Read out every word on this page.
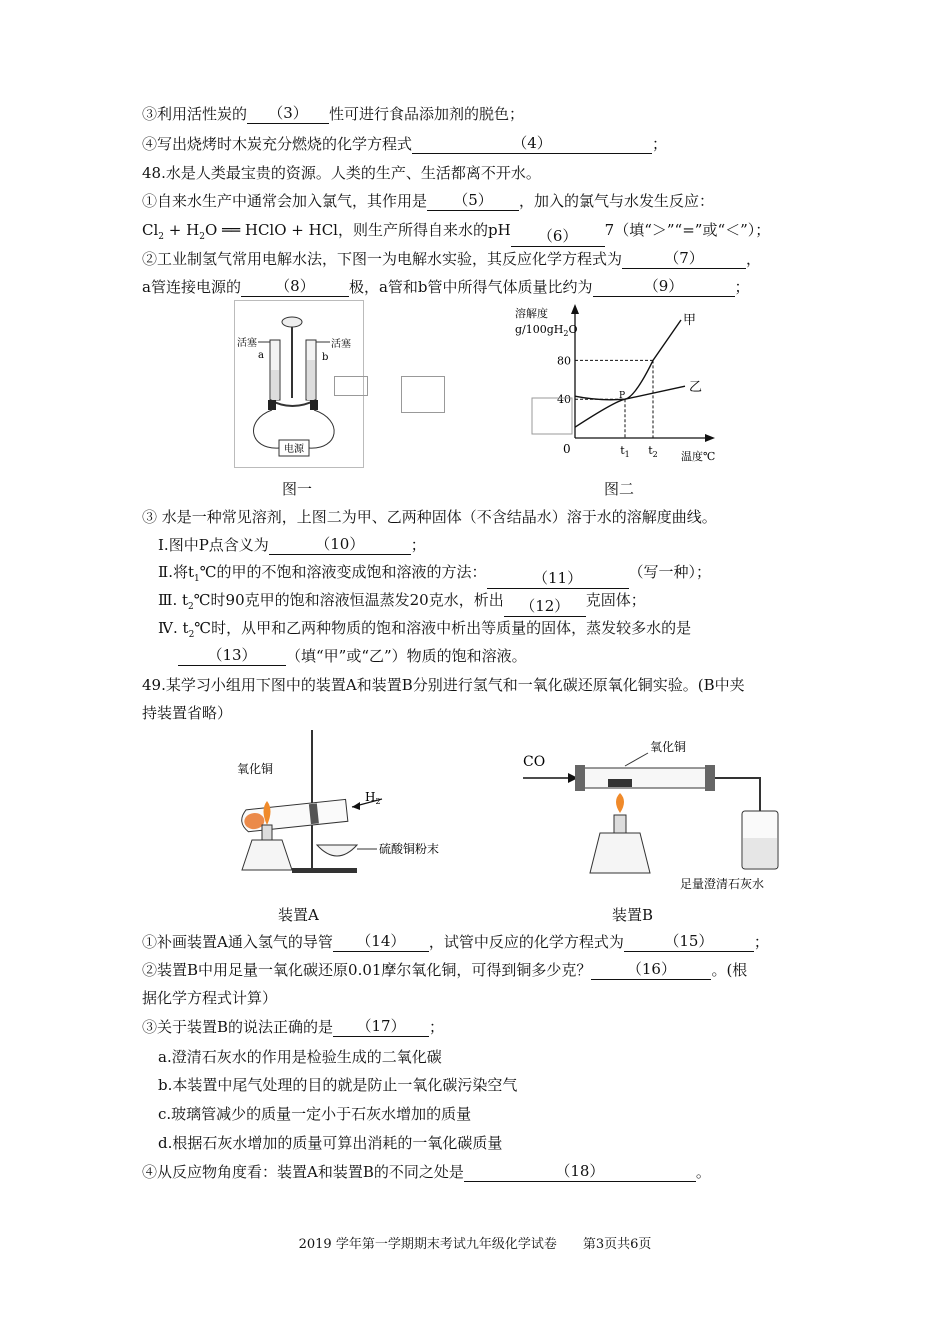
③利用活性炭的 （3） 性可进行食品添加剂的脱色；
④写出烧烤时木炭充分燃烧的化学方程式	（4）	；
48.水是人类最宝贵的资源。人类的生产、生活都离不开水。
①自来水生产中通常会加入氯气，其作用是 （5） ，加入的氯气与水发生反应：
$Cl_2 + H_2O$ ══ HClO + HCl，则生产所得自来水的pH （6） 7（填“＞”“=”或“＜”）；
②工业制氢气常用电解水法，下图一为电解水实验，其反应化学方程式为	（7）	，
a管连接电源的 （8） 极，a管和b管中所得气体质量比约为	（9）	；
电源
活塞	活塞
a	b
溶解度
$g/100gH_2O$
0
40
80
$t_1$ $t_2$ 温度℃
甲
乙
P
图一	图二
③ 水是一种常见溶剂，上图二为甲、乙两种固体（不含结晶水）溶于水的溶解度曲线。
Ⅰ.图中P点含义为	（10）	；
Ⅱ.将$t_1℃$的甲的不饱和溶液变成饱和溶液的方法：	（11）	（写一种）；
Ⅲ. $t_2℃$时90克甲的饱和溶液恒温蒸发20克水，析出 （12） 克固体；
Ⅳ. $t_2℃$时，从甲和乙两种物质的饱和溶液中析出等质量的固体，蒸发较多水的是
（13） （填“甲”或“乙”）物质的饱和溶液。
49.某学习小组用下图中的装置A和装置B分别进行氢气和一氧化碳还原氧化铜实验。(B中夹
持装置省略）
氧化铜
$H_2$
硫酸铜粉末
CO
氧化铜
足量澄清石灰水
装置A	装置B
①补画装置A通入氢气的导管 （14） ，试管中反应的化学方程式为	（15）	；
②装置B中用足量一氧化碳还原0.01摩尔氧化铜，可得到铜多少克？ （16） 。(根
据化学方程式计算）
③关于装置B的说法正确的是 （17） ；
a.澄清石灰水的作用是检验生成的二氧化碳
b.本装置中尾气处理的目的就是防止一氧化碳污染空气
c.玻璃管减少的质量一定小于石灰水增加的质量
d.根据石灰水增加的质量可算出消耗的一氧化碳质量
④从反应物角度看：装置A和装置B的不同之处是	（18）	。
2019 学年第一学期期末考试九年级化学试卷　　第3页共6页
